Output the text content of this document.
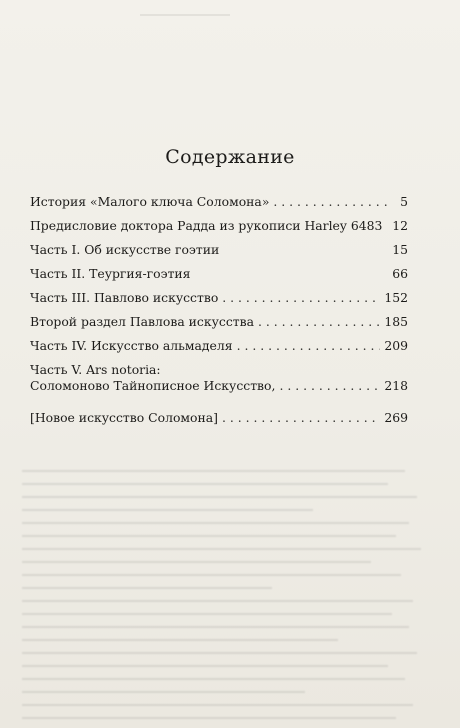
Содержание
История «Малого ключа Соломона» . . .	5
Предисловие доктора Радда из рукописи Harley 6483 12
Часть I. Об искусстве гоэтии	15
Часть II. Теургия-гоэтия	66
Часть III. Павлово искусство . . .	152
Второй раздел Павлова искусства . . .	185
Часть IV. Искусство альмаделя . . .	209
Часть V. Ars notoria:
Соломоново Тайнописное Искусство, . . .	218
[Новое искусство Соломона] . . .	269
